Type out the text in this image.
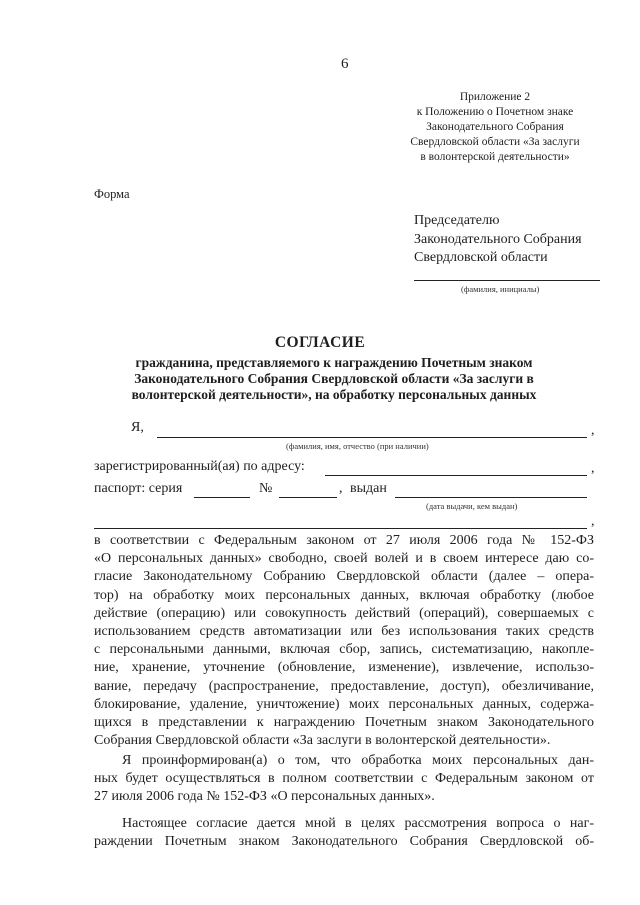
6
Приложение 2
к Положению о Почетном знаке
Законодательного Собрания
Свердловской области «За заслуги
в волонтерской деятельности»
Форма
Председателю
Законодательного Собрания
Свердловской области
(фамилия, инициалы)
СОГЛАСИЕ
гражданина, представляемого к награждению Почетным знаком
Законодательного Собрания Свердловской области «За заслуги в
волонтерской деятельности», на обработку персональных данных
Я,	,
(фамилия, имя, отчество (при наличии)
зарегистрированный(ая) по адресу:	,
паспорт: серия	№	, выдан
(дата выдачи, кем выдан)
,
в соответствии с Федеральным законом от 27 июля 2006 года № 152-ФЗ
«О персональных данных» свободно, своей волей и в своем интересе даю со-
гласие Законодательному Собранию Свердловской области (далее – опера-
тор) на обработку моих персональных данных, включая обработку (любое
действие (операцию) или совокупность действий (операций), совершаемых с
использованием средств автоматизации или без использования таких средств
с персональными данными, включая сбор, запись, систематизацию, накопле-
ние, хранение, уточнение (обновление, изменение), извлечение, использо-
вание, передачу (распространение, предоставление, доступ), обезличивание,
блокирование, удаление, уничтожение) моих персональных данных, содержа-
щихся в представлении к награждению Почетным знаком Законодательного
Собрания Свердловской области «За заслуги в волонтерской деятельности».
Я проинформирован(а) о том, что обработка моих персональных дан-
ных будет осуществляться в полном соответствии с Федеральным законом от
27 июля 2006 года № 152-ФЗ «О персональных данных».
Настоящее согласие дается мной в целях рассмотрения вопроса о наг-
раждении Почетным знаком Законодательного Собрания Свердловской об-
